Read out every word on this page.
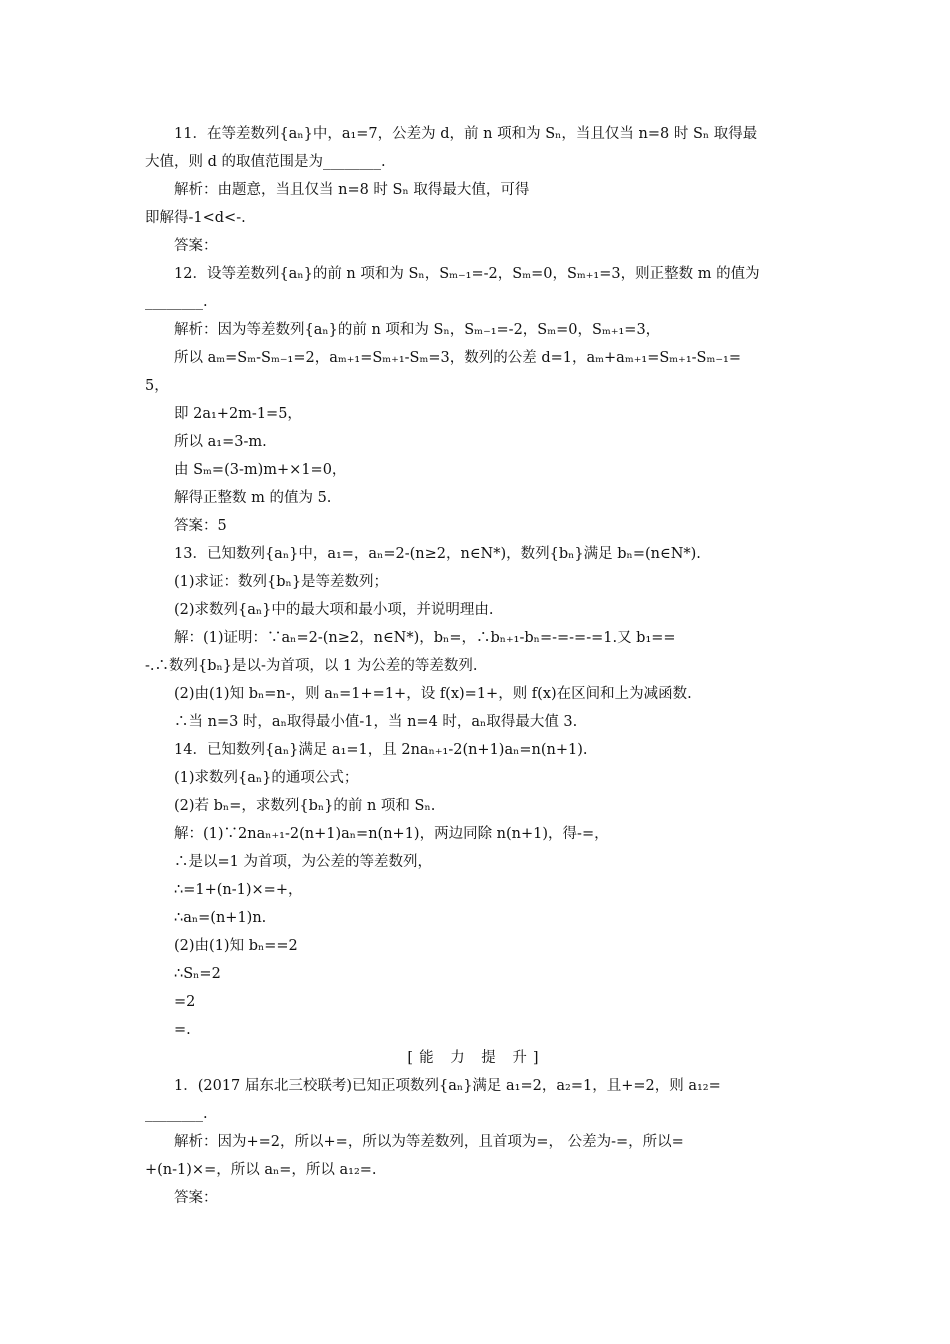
11．在等差数列{aₙ}中，a₁=7，公差为 d，前 n 项和为 Sₙ，当且仅当 n=8 时 Sₙ 取得最
大值，则 d 的取值范围是为________.
解析：由题意，当且仅当 n=8 时 Sₙ 取得最大值，可得
即解得-1<d<-.
答案：
12．设等差数列{aₙ}的前 n 项和为 Sₙ，Sₘ₋₁=-2，Sₘ=0，Sₘ₊₁=3，则正整数 m 的值为
________.
解析：因为等差数列{aₙ}的前 n 项和为 Sₙ，Sₘ₋₁=-2，Sₘ=0，Sₘ₊₁=3，
所以 aₘ=Sₘ-Sₘ₋₁=2，aₘ₊₁=Sₘ₊₁-Sₘ=3，数列的公差 d=1，aₘ+aₘ₊₁=Sₘ₊₁-Sₘ₋₁=
5，
即 2a₁+2m-1=5，
所以 a₁=3-m.
由 Sₘ=(3-m)m+×1=0，
解得正整数 m 的值为 5.
答案：5
13．已知数列{aₙ}中，a₁=，aₙ=2-(n≥2，n∈N*)，数列{bₙ}满足 bₙ=(n∈N*).
(1)求证：数列{bₙ}是等差数列；
(2)求数列{aₙ}中的最大项和最小项，并说明理由.
解：(1)证明：∵aₙ=2-(n≥2，n∈N*)，bₙ=，∴bₙ₊₁-bₙ=-=-=-=1.又 b₁==
-.∴数列{bₙ}是以-为首项，以 1 为公差的等差数列.
(2)由(1)知 bₙ=n-，则 aₙ=1+=1+，设 f(x)=1+，则 f(x)在区间和上为减函数.
∴当 n=3 时，aₙ取得最小值-1，当 n=4 时，aₙ取得最大值 3.
14．已知数列{aₙ}满足 a₁=1，且 2naₙ₊₁-2(n+1)aₙ=n(n+1).
(1)求数列{aₙ}的通项公式；
(2)若 bₙ=，求数列{bₙ}的前 n 项和 Sₙ.
解：(1)∵2naₙ₊₁-2(n+1)aₙ=n(n+1)，两边同除 n(n+1)，得-=，
∴是以=1 为首项，为公差的等差数列，
∴=1+(n-1)×=+，
∴aₙ=(n+1)n.
(2)由(1)知 bₙ==2
∴Sₙ=2
=2
=.
[能 力 提 升]
1．(2017 届东北三校联考)已知正项数列{aₙ}满足 a₁=2，a₂=1，且+=2，则 a₁₂=
________.
解析：因为+=2，所以+=，所以为等差数列，且首项为=， 公差为-=，所以=
+(n-1)×=，所以 aₙ=，所以 a₁₂=.
答案：
